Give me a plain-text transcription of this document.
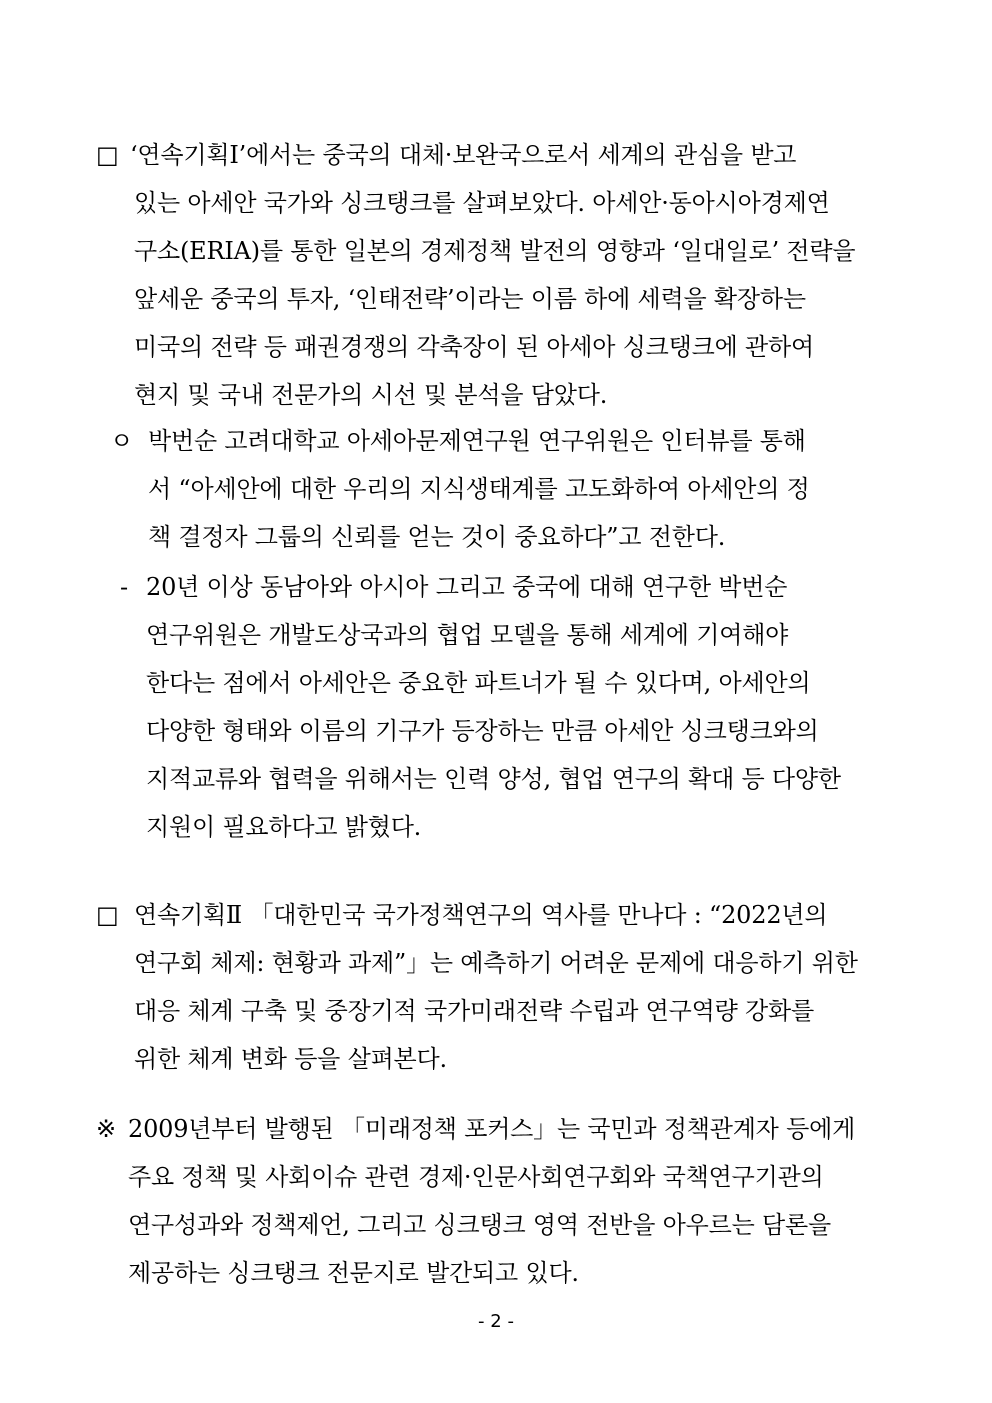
□ ‘연속기획Ⅰ’에서는 중국의 대체·보완국으로서 세계의 관심을 받고
있는 아세안 국가와 싱크탱크를 살펴보았다. 아세안·동아시아경제연
구소(ERIA)를 통한 일본의 경제정책 발전의 영향과 ‘일대일로’ 전략을
앞세운 중국의 투자, ‘인태전략’이라는 이름 하에 세력을 확장하는
미국의 전략 등 패권경쟁의 각축장이 된 아세아 싱크탱크에 관하여
현지 및 국내 전문가의 시선 및 분석을 담았다.
ㅇ 박번순 고려대학교 아세아문제연구원 연구위원은 인터뷰를 통해
서 “아세안에 대한 우리의 지식생태계를 고도화하여 아세안의 정
책 결정자 그룹의 신뢰를 얻는 것이 중요하다”고 전한다.
- 20년 이상 동남아와 아시아 그리고 중국에 대해 연구한 박번순
연구위원은 개발도상국과의 협업 모델을 통해 세계에 기여해야
한다는 점에서 아세안은 중요한 파트너가 될 수 있다며, 아세안의
다양한 형태와 이름의 기구가 등장하는 만큼 아세안 싱크탱크와의
지적교류와 협력을 위해서는 인력 양성, 협업 연구의 확대 등 다양한
지원이 필요하다고 밝혔다.
□ 연속기획Ⅱ 「대한민국 국가정책연구의 역사를 만나다 : “2022년의
연구회 체제: 현황과 과제”」는 예측하기 어려운 문제에 대응하기 위한
대응 체계 구축 및 중장기적 국가미래전략 수립과 연구역량 강화를
위한 체계 변화 등을 살펴본다.
※ 2009년부터 발행된 「미래정책 포커스」는 국민과 정책관계자 등에게
주요 정책 및 사회이슈 관련 경제·인문사회연구회와 국책연구기관의
연구성과와 정책제언, 그리고 싱크탱크 영역 전반을 아우르는 담론을
제공하는 싱크탱크 전문지로 발간되고 있다.
- 2 -
